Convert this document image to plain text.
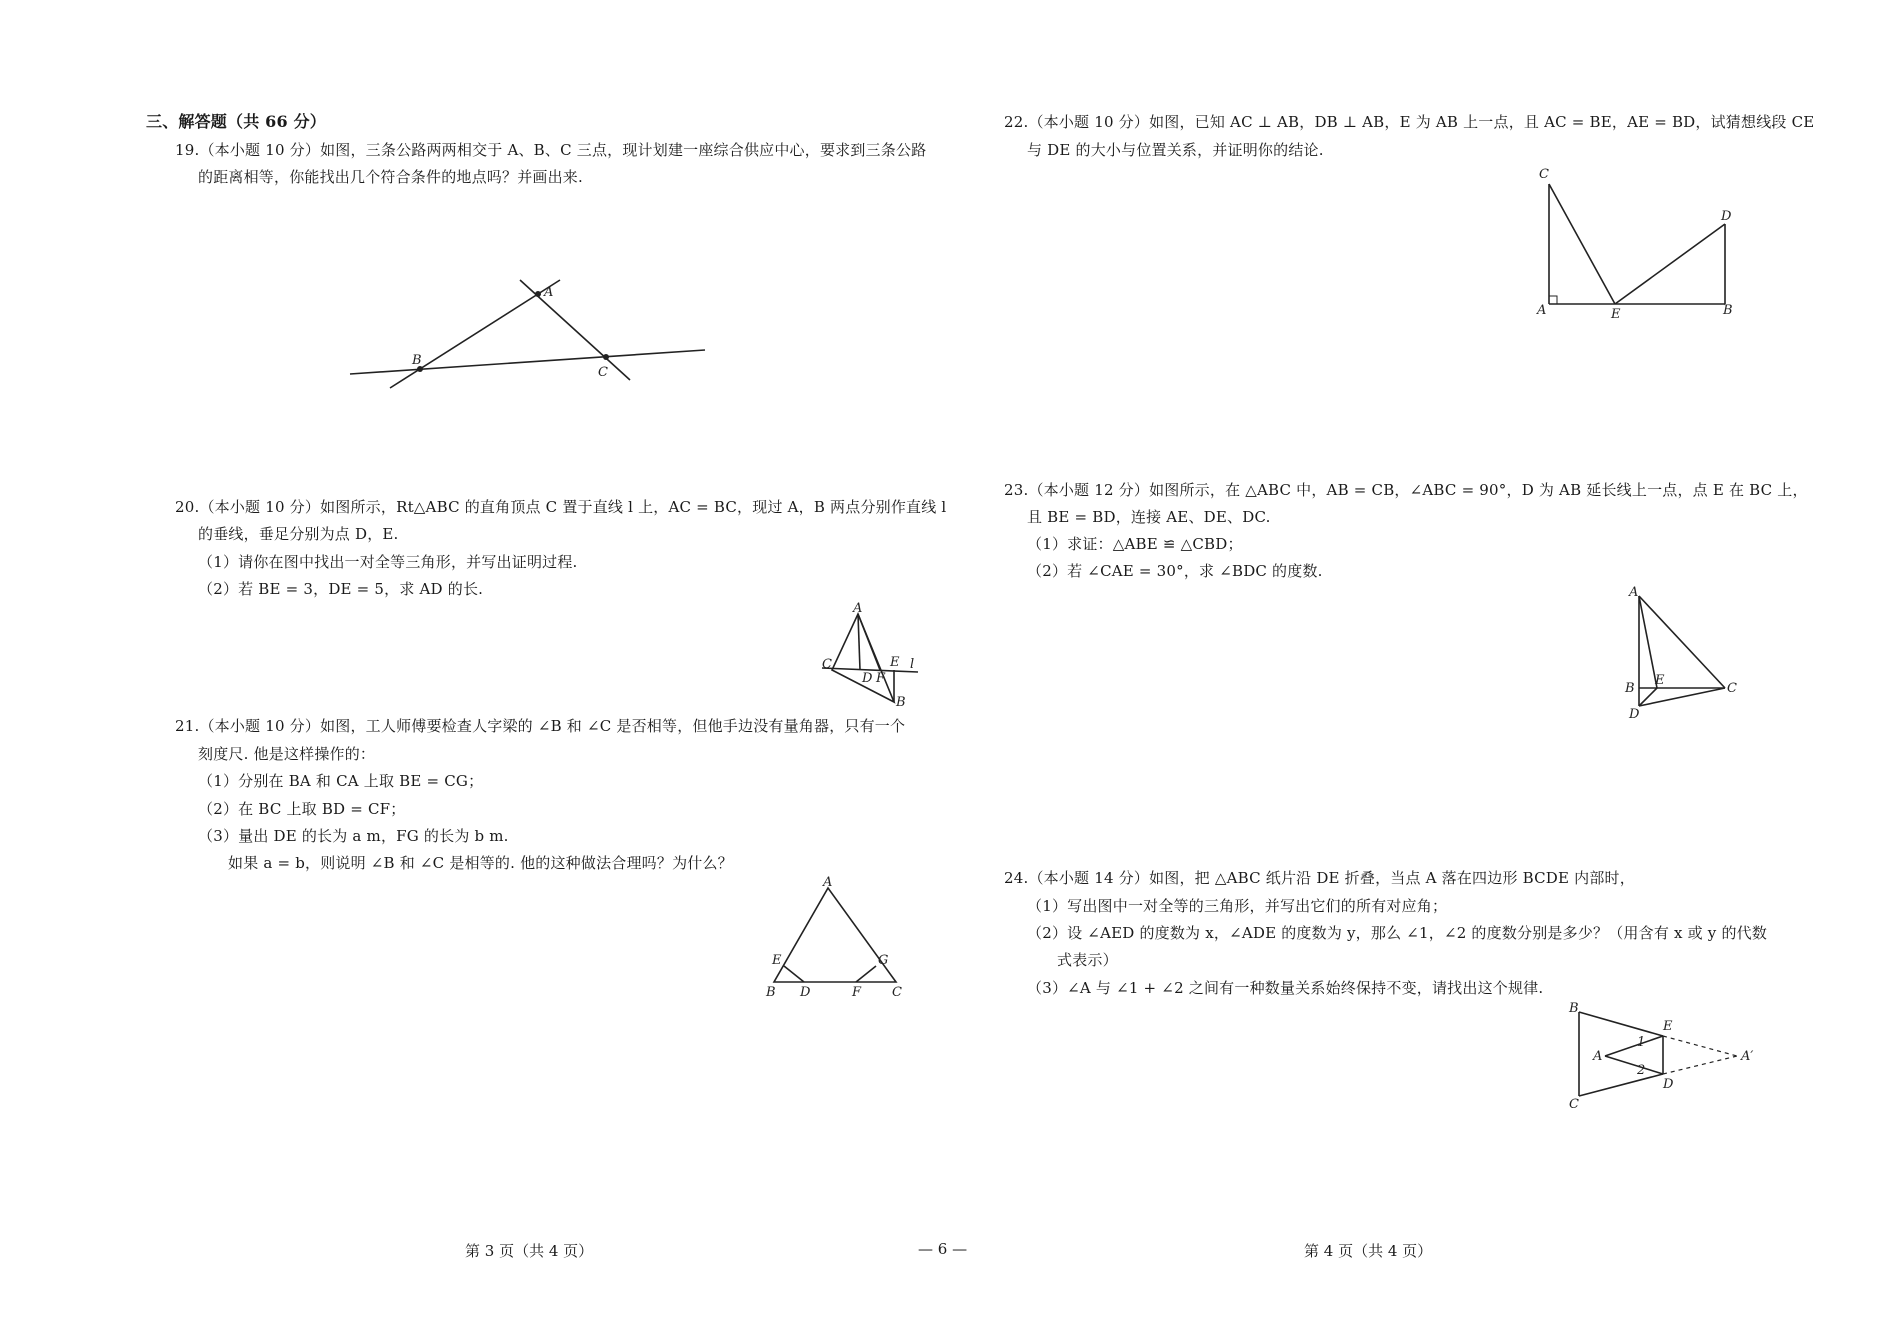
三、解答题（共 66 分）
19.（本小题 10 分）如图，三条公路两两相交于 A、B、C 三点，现计划建一座综合供应中心，要求到三条公路
的距离相等，你能找出几个符合条件的地点吗？并画出来.
A
B
C
20.（本小题 10 分）如图所示，Rt△ABC 的直角顶点 C 置于直线 l 上，AC = BC，现过 A，B 两点分别作直线 l
的垂线，垂足分别为点 D，E.
（1）请你在图中找出一对全等三角形，并写出证明过程.
（2）若 BE = 3，DE = 5，求 AD 的长.
A
C
D F
E l
B
21.（本小题 10 分）如图，工人师傅要检查人字梁的 ∠B 和 ∠C 是否相等，但他手边没有量角器，只有一个
刻度尺. 他是这样操作的：
（1）分别在 BA 和 CA 上取 BE = CG；
（2）在 BC 上取 BD = CF；
（3）量出 DE 的长为 a m，FG 的长为 b m.
如果 a = b，则说明 ∠B 和 ∠C 是相等的. 他的这种做法合理吗？为什么？
A
E	G
B D	F C
第 3 页（共 4 页）	— 6 —
22.（本小题 10 分）如图，已知 AC ⊥ AB，DB ⊥ AB，E 为 AB 上一点，且 AC = BE，AE = BD，试猜想线段 CE
与 DE 的大小与位置关系，并证明你的结论.
C
D
A	E	B
23.（本小题 12 分）如图所示，在 △ABC 中，AB = CB，∠ABC = 90°，D 为 AB 延长线上一点，点 E 在 BC 上，
且 BE = BD，连接 AE、DE、DC.
（1）求证：△ABE ≌ △CBD；
（2）若 ∠CAE = 30°，求 ∠BDC 的度数.
A
B
E
C
D
24.（本小题 14 分）如图，把 △ABC 纸片沿 DE 折叠，当点 A 落在四边形 BCDE 内部时，
（1）写出图中一对全等的三角形，并写出它们的所有对应角；
（2）设 ∠AED 的度数为 x，∠ADE 的度数为 y，那么 ∠1，∠2 的度数分别是多少？（用含有 x 或 y 的代数
式表示）
（3）∠A 与 ∠1 + ∠2 之间有一种数量关系始终保持不变，请找出这个规律.
B
E
1
A	A′
2
D
C
第 4 页（共 4 页）
